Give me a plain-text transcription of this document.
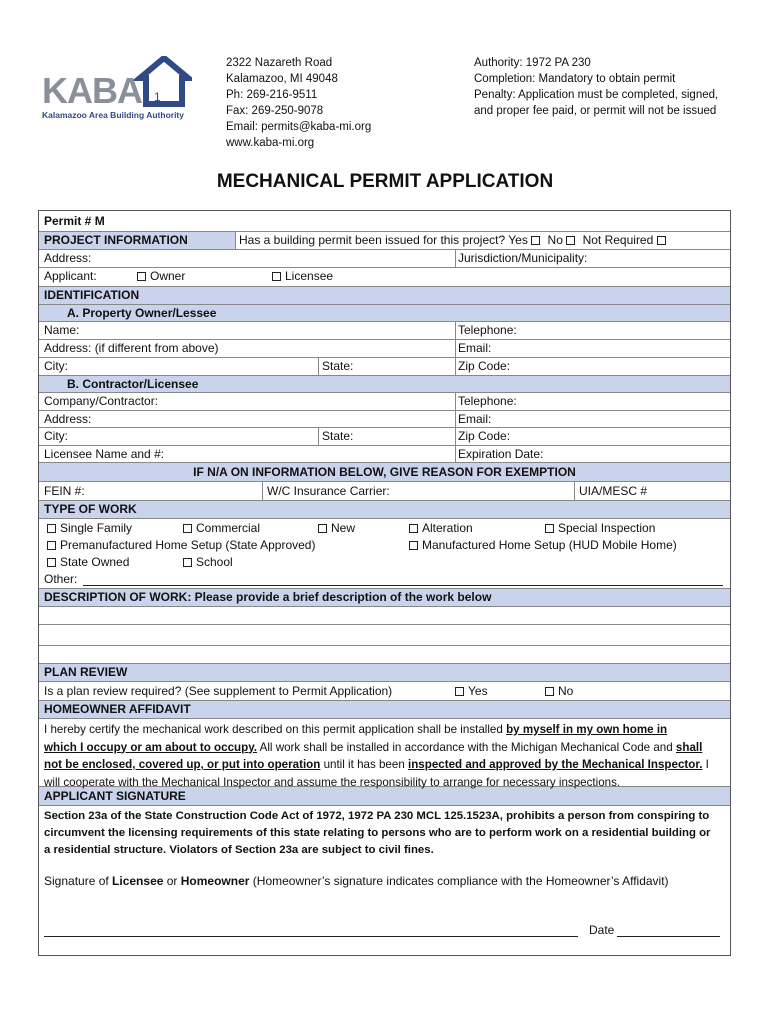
1
KABA
Kalamazoo Area Building Authority
2322 Nazareth Road
Kalamazoo, MI 49048
Ph: 269-216-9511
Fax: 269-250-9078
Email: permits@kaba-mi.org
www.kaba-mi.org
Authority: 1972 PA 230
Completion: Mandatory to obtain permit
Penalty: Application must be completed, signed,
and proper fee paid, or permit will not be issued
MECHANICAL PERMIT APPLICATION
Permit # M
PROJECT INFORMATION	Has a building permit been issued for this project? Yes No Not Required
Address:	Jurisdiction/Municipality:
Applicant:	Owner	Licensee
IDENTIFICATION
A. Property Owner/Lessee
Name:	Telephone:
Address: (if different from above)	Email:
City:	State:	Zip Code:
B. Contractor/Licensee
Company/Contractor:	Telephone:
Address:	Email:
City:	State:	Zip Code:
Licensee Name and #:	Expiration Date:
IF N/A ON INFORMATION BELOW, GIVE REASON FOR EXEMPTION
FEIN #:	W/C Insurance Carrier:	UIA/MESC #
TYPE OF WORK
Single Family	Commercial	New	Alteration	Special Inspection
Premanufactured Home Setup (State Approved)	Manufactured Home Setup (HUD Mobile Home)
State Owned	School
Other:
DESCRIPTION OF WORK: Please provide a brief description of the work below
PLAN REVIEW
Is a plan review required? (See supplement to Permit Application)	Yes	No
HOMEOWNER AFFIDAVIT
I hereby certify the mechanical work described on this permit application shall be installed by myself in my own home in
which I occupy or am about to occupy. All work shall be installed in accordance with the Michigan Mechanical Code and shall
not be enclosed, covered up, or put into operation until it has been inspected and approved by the Mechanical Inspector. I
will cooperate with the Mechanical Inspector and assume the responsibility to arrange for necessary inspections.
APPLICANT SIGNATURE
Section 23a of the State Construction Code Act of 1972, 1972 PA 230 MCL 125.1523A, prohibits a person from conspiring to
circumvent the licensing requirements of this state relating to persons who are to perform work on a residential building or
a residential structure. Violators of Section 23a are subject to civil fines.
Signature of Licensee or Homeowner (Homeowner’s signature indicates compliance with the Homeowner’s Affidavit)
Date
